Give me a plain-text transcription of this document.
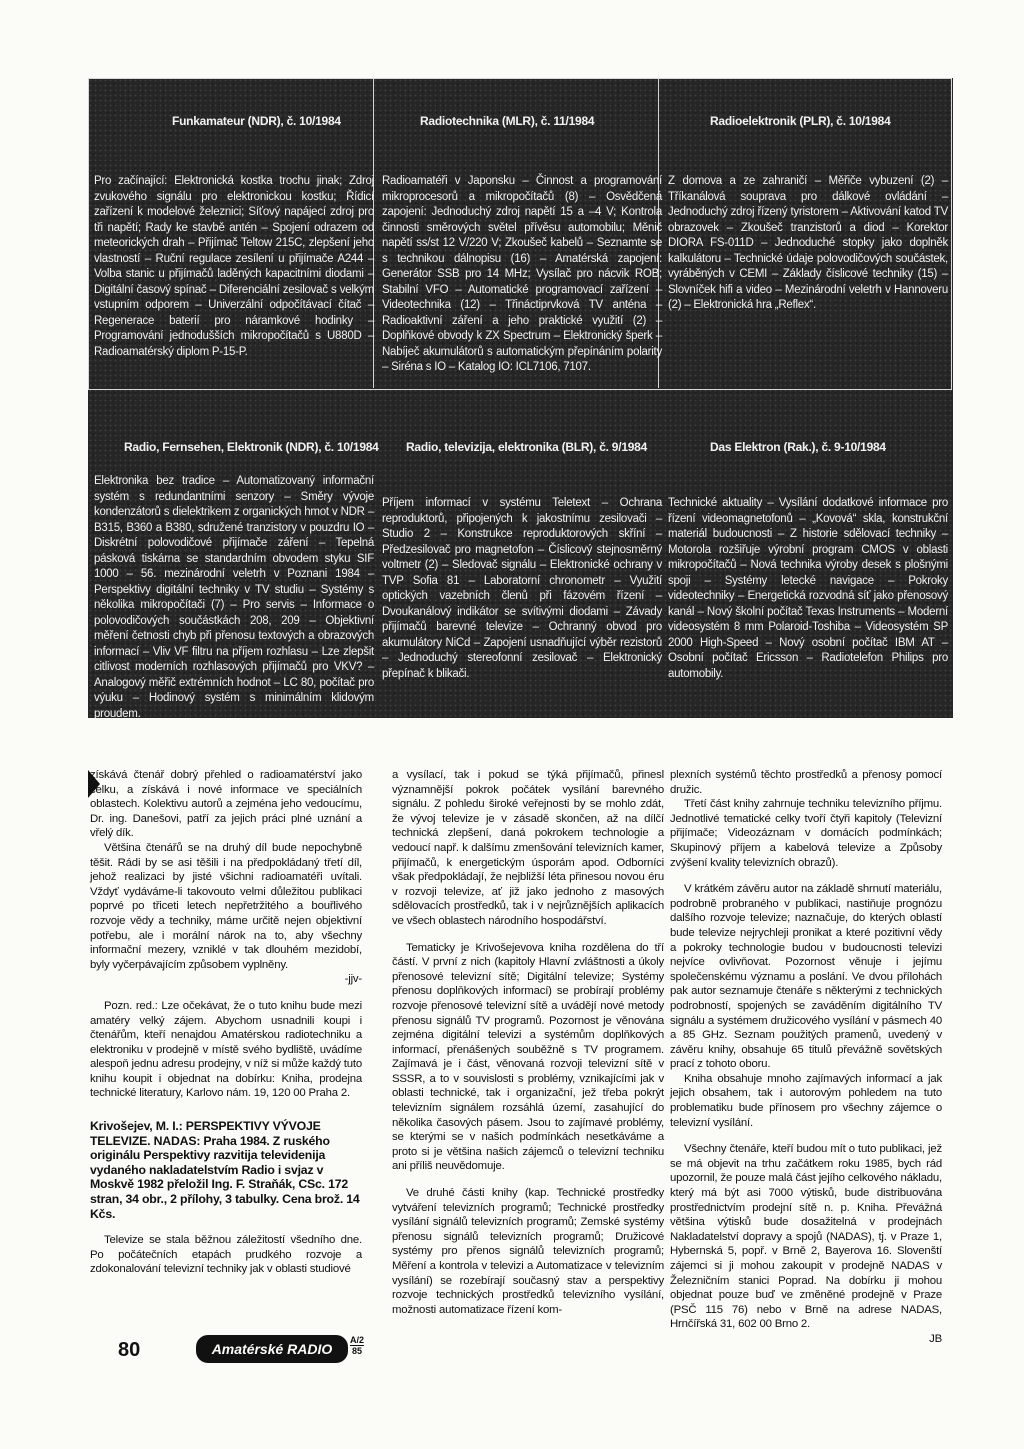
Funkamateur (NDR), č. 10/1984
Pro začínající: Elektronická kostka trochu jinak; Zdroj zvukového signálu pro elektronickou kostku; Řídicí zařízení k modelové železnici; Síťový napájecí zdroj pro tři napětí; Rady ke stavbě antén – Spojení odrazem od meteorických drah – Přijímač Teltow 215C, zlepšení jeho vlastností – Ruční regulace zesílení u přijímače A244 – Volba stanic u přijímačů laděných kapacitními diodami – Digitální časový spínač – Diferenciální zesilovač s velkým vstupním odporem – Univerzální odpočítávací čítač – Regenerace baterií pro náramkové hodinky – Programování jednodušších mikropočítačů s U880D – Radioamatérský diplom P-15-P.
Radiotechnika (MLR), č. 11/1984
Radioamatéři v Japonsku – Činnost a programování mikroprocesorů a mikropočítačů (8) – Osvědčená zapojení: Jednoduchý zdroj napětí 15 a –4 V; Kontrola činnosti směrových světel přívěsu automobilu; Měnič napětí ss/st 12 V/220 V; Zkoušeč kabelů – Seznamte se s technikou dálnopisu (16) – Amatérská zapojení: Generátor SSB pro 14 MHz; Vysílač pro nácvik ROB; Stabilní VFO – Automatické programovací zařízení – Videotechnika (12) – Třináctiprvková TV anténa – Radioaktivní záření a jeho praktické využití (2) – Doplňkové obvody k ZX Spectrum – Elektronický šperk – Nabíječ akumulátorů s automatickým přepínáním polarity – Siréna s IO – Katalog IO: ICL7106, 7107.
Radioelektronik (PLR), č. 10/1984
Z domova a ze zahraničí – Měřiče vybuzení (2) – Tříkanálová souprava pro dálkové ovládání – Jednoduchý zdroj řízený tyristorem – Aktivování katod TV obrazovek – Zkoušeč tranzistorů a diod – Korektor DIORA FS-011D – Jednoduché stopky jako doplněk kalkulátoru – Technické údaje polovodičových součástek, vyráběných v CEMI – Základy číslicové techniky (15) – Slovníček hifi a video – Mezinárodní veletrh v Hannoveru (2) – Elektronická hra „Reflex“.
Radio, Fernsehen, Elektronik (NDR), č. 10/1984
Elektronika bez tradice – Automatizovaný informační systém s redundantními senzory – Směry vývoje kondenzátorů s dielektrikem z organických hmot v NDR – B315, B360 a B380, sdružené tranzistory v pouzdru IO – Diskrétní polovodičové přijímače záření – Tepelná pásková tiskárna se standardním obvodem styku SIF 1000 – 56. mezinárodní veletrh v Poznani 1984 – Perspektivy digitální techniky v TV studiu – Systémy s několika mikropočítači (7) – Pro servis – Informace o polovodičových součástkách 208, 209 – Objektivní měření četnosti chyb při přenosu textových a obrazových informací – Vliv VF filtru na příjem rozhlasu – Lze zlepšit citlivost moderních rozhlasových přijímačů pro VKV? – Analogový měřič extrémních hodnot – LC 80, počítač pro výuku – Hodinový systém s minimálním klidovým proudem.
Radio, televizija, elektronika (BLR), č. 9/1984
Příjem informací v systému Teletext – Ochrana reproduktorů, připojených k jakostnímu zesilovači – Studio 2 – Konstrukce reproduktorových skříní – Předzesilovač pro magnetofon – Číslicový stejnosměrný voltmetr (2) – Sledovač signálu – Elektronické ochrany v TVP Sofia 81 – Laboratorní chronometr – Využití optických vazebních členů při fázovém řízení – Dvoukanálový indikátor se svítivými diodami – Závady přijímačů barevné televize – Ochranný obvod pro akumulátory NiCd – Zapojení usnadňující výběr rezistorů – Jednoduchý stereofonní zesilovač – Elektronický přepínač k blikači.
Das Elektron (Rak.), č. 9-10/1984
Technické aktuality – Vysílání dodatkové informace pro řízení videomagnetofonů – „Kovová“ skla, konstrukční materiál budoucnosti – Z historie sdělovací techniky – Motorola rozšiřuje výrobní program CMOS v oblasti mikropočítačů – Nová technika výroby desek s plošnými spoji – Systémy letecké navigace – Pokroky videotechniky – Energetická rozvodná síť jako přenosový kanál – Nový školní počítač Texas Instruments – Moderní videosystém 8 mm Polaroid-Toshiba – Videosystém SP 2000 High-Speed – Nový osobní počítač IBM AT – Osobní počítač Ericsson – Radiotelefon Philips pro automobily.

získává čtenář dobrý přehled o radioamatérství jako celku, a získává i nové informace ve speciálních oblastech. Kolektivu autorů a zejména jeho vedoucímu, Dr. ing. Danešovi, patří za jejich práci plné uznání a vřelý dík.

Většina čtenářů se na druhý díl bude nepochybně těšit. Rádi by se asi těšili i na předpokládaný třetí díl, jehož realizaci by jisté všichni radioamatéři uvítali. Vždyť vydáváme-li takovouto velmi důležitou publikaci poprvé po třiceti letech nepřetržitého a bouřlivého rozvoje vědy a techniky, máme určitě nejen objektivní potřebu, ale i morální nárok na to, aby všechny informační mezery, vzniklé v tak dlouhém mezidobí, byly vyčerpávajícím způsobem vyplněny.

-jjv-

Pozn. red.: Lze očekávat, že o tuto knihu bude mezi amatéry velký zájem. Abychom usnadnili koupi i čtenářům, kteří nenajdou Amatérskou radiotechniku a elektroniku v prodejně v místě svého bydliště, uvádíme alespoň jednu adresu prodejny, v níž si může každý tuto knihu koupit i objednat na dobírku: Kniha, prodejna technické literatury, Karlovo nám. 19, 120 00 Praha 2.

Krivošejev, M. I.: PERSPEKTIVY VÝVOJE TELEVIZE. NADAS: Praha 1984. Z ruského originálu Perspektivy razvitija televidenija vydaného nakladatelstvím Radio i svjaz v Moskvě 1982 přeložil Ing. F. Straňák, CSc. 172 stran, 34 obr., 2 přílohy, 3 tabulky. Cena brož. 14 Kčs.

Televize se stala běžnou záležitostí všedního dne. Po počátečních etapách prudkého rozvoje a zdokonalování televizní techniky jak v oblasti studiové

a vysílací, tak i pokud se týká přijímačů, přinesl významnější pokrok počátek vysílání barevného signálu. Z pohledu široké veřejnosti by se mohlo zdát, že vývoj televize je v zásadě skončen, až na dílčí technická zlepšení, daná pokrokem technologie a vedoucí např. k dalšímu zmenšování televizních kamer, přijímačů, k energetickým úsporám apod. Odborníci však předpokládají, že nejbližší léta přinesou novou éru v rozvoji televize, ať již jako jednoho z masových sdělovacích prostředků, tak i v nejrůznějších aplikacích ve všech oblastech národního hospodářství.

Tematicky je Krivošejevova kniha rozdělena do tří částí. V první z nich (kapitoly Hlavní zvláštnosti a úkoly přenosové televizní sítě; Digitální televize; Systémy přenosu doplňkových informací) se probírají problémy rozvoje přenosové televizní sítě a uvádějí nové metody přenosu signálů TV programů. Pozornost je věnována zejména digitální televizi a systémům doplňkových informací, přenášených souběžně s TV programem. Zajímavá je i část, věnovaná rozvoji televizní sítě v SSSR, a to v souvislosti s problémy, vznikajícími jak v oblasti technické, tak i organizační, jež třeba pokrýt televizním signálem rozsáhlá území, zasahující do několika časových pásem. Jsou to zajímavé problémy, se kterými se v našich podmínkách nesetkáváme a proto si je většina našich zájemců o televizní techniku ani příliš neuvědomuje.

Ve druhé části knihy (kap. Technické prostředky vytváření televizních programů; Technické prostředky vysílání signálů televizních programů; Zemské systémy přenosu signálů televizních programů; Družicové systémy pro přenos signálů televizních programů; Měření a kontrola v televizi a Automatizace v televizním vysílání) se rozebírají současný stav a perspektivy rozvoje technických prostředků televizního vysílání, možnosti automatizace řízení kom-

plexních systémů těchto prostředků a přenosy pomocí družic.

Třetí část knihy zahrnuje techniku televizního příjmu. Jednotlivé tematické celky tvoří čtyři kapitoly (Televizní přijímače; Videozáznam v domácích podmínkách; Skupinový příjem a kabelová televize a Způsoby zvýšení kvality televizních obrazů).

V krátkém závěru autor na základě shrnutí materiálu, podrobně probraného v publikaci, nastiňuje prognózu dalšího rozvoje televize; naznačuje, do kterých oblastí bude televize nejrychleji pronikat a které pozitivní vědy a pokroky technologie budou v budoucnosti televizi nejvíce ovlivňovat. Pozornost věnuje i jejímu společenskému významu a poslání. Ve dvou přílohách pak autor seznamuje čtenáře s některými z technických podrobností, spojených se zaváděním digitálního TV signálu a systémem družicového vysílání v pásmech 40 a 85 GHz. Seznam použitých pramenů, uvedený v závěru knihy, obsahuje 65 titulů převážně sovětských prací z tohoto oboru.

Kniha obsahuje mnoho zajímavých informací a jak jejich obsahem, tak i autorovým pohledem na tuto problematiku bude přínosem pro všechny zájemce o televizní vysílání.

Všechny čtenáře, kteří budou mít o tuto publikaci, jež se má objevit na trhu začátkem roku 1985, bych rád upozornil, že pouze malá část jejího celkového nákladu, který má být asi 7000 výtisků, bude distribuována prostřednictvím prodejní sítě n. p. Kniha. Převážná většina výtisků bude dosažitelná v prodejnách Nakladatelství dopravy a spojů (NADAS), tj. v Praze 1, Hybernská 5, popř. v Brně 2, Bayerova 16. Slovenští zájemci si ji mohou zakoupit v prodejně NADAS v Železničním stanici Poprad. Na dobírku ji mohou objednat pouze buď ve změněné prodejně v Praze (PSČ 115 76) nebo v Brně na adrese NADAS, Hrnčířská 31, 602 00 Brno 2.

JB

80	Amatérské RADIO
A/2
85
